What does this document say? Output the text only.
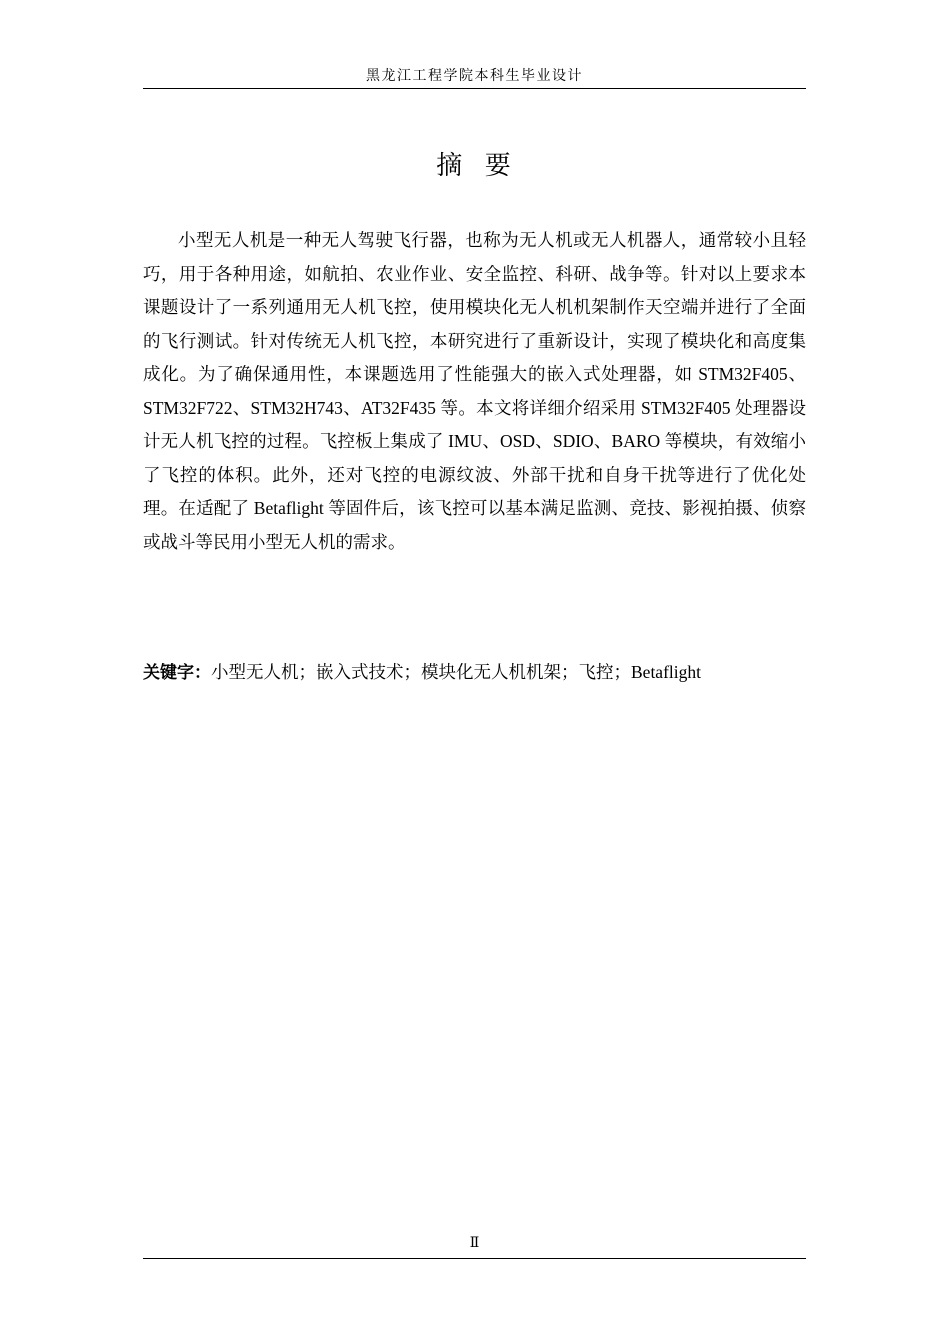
黑龙江工程学院本科生毕业设计
摘  要

小型无人机是一种无人驾驶飞行器，也称为无人机或无人机器人，通常较小且轻巧，用于各种用途，如航拍、农业作业、安全监控、科研、战争等。针对以上要求本课题设计了一系列通用无人机飞控，使用模块化无人机机架制作天空端并进行了全面的飞行测试。针对传统无人机飞控，本研究进行了重新设计，实现了模块化和高度集成化。为了确保通用性，本课题选用了性能强大的嵌入式处理器，如 STM32F405、STM32F722、STM32H743、AT32F435 等。本文将详细介绍采用 STM32F405 处理器设计无人机飞控的过程。飞控板上集成了 IMU、OSD、SDIO、BARO 等模块，有效缩小了飞控的体积。此外，还对飞控的电源纹波、外部干扰和自身干扰等进行了优化处理。在适配了 Betaflight 等固件后，该飞控可以基本满足监测、竞技、影视拍摄、侦察或战斗等民用小型无人机的需求。

关键字：小型无人机；嵌入式技术；模块化无人机机架；飞控；Betaflight

Ⅱ
